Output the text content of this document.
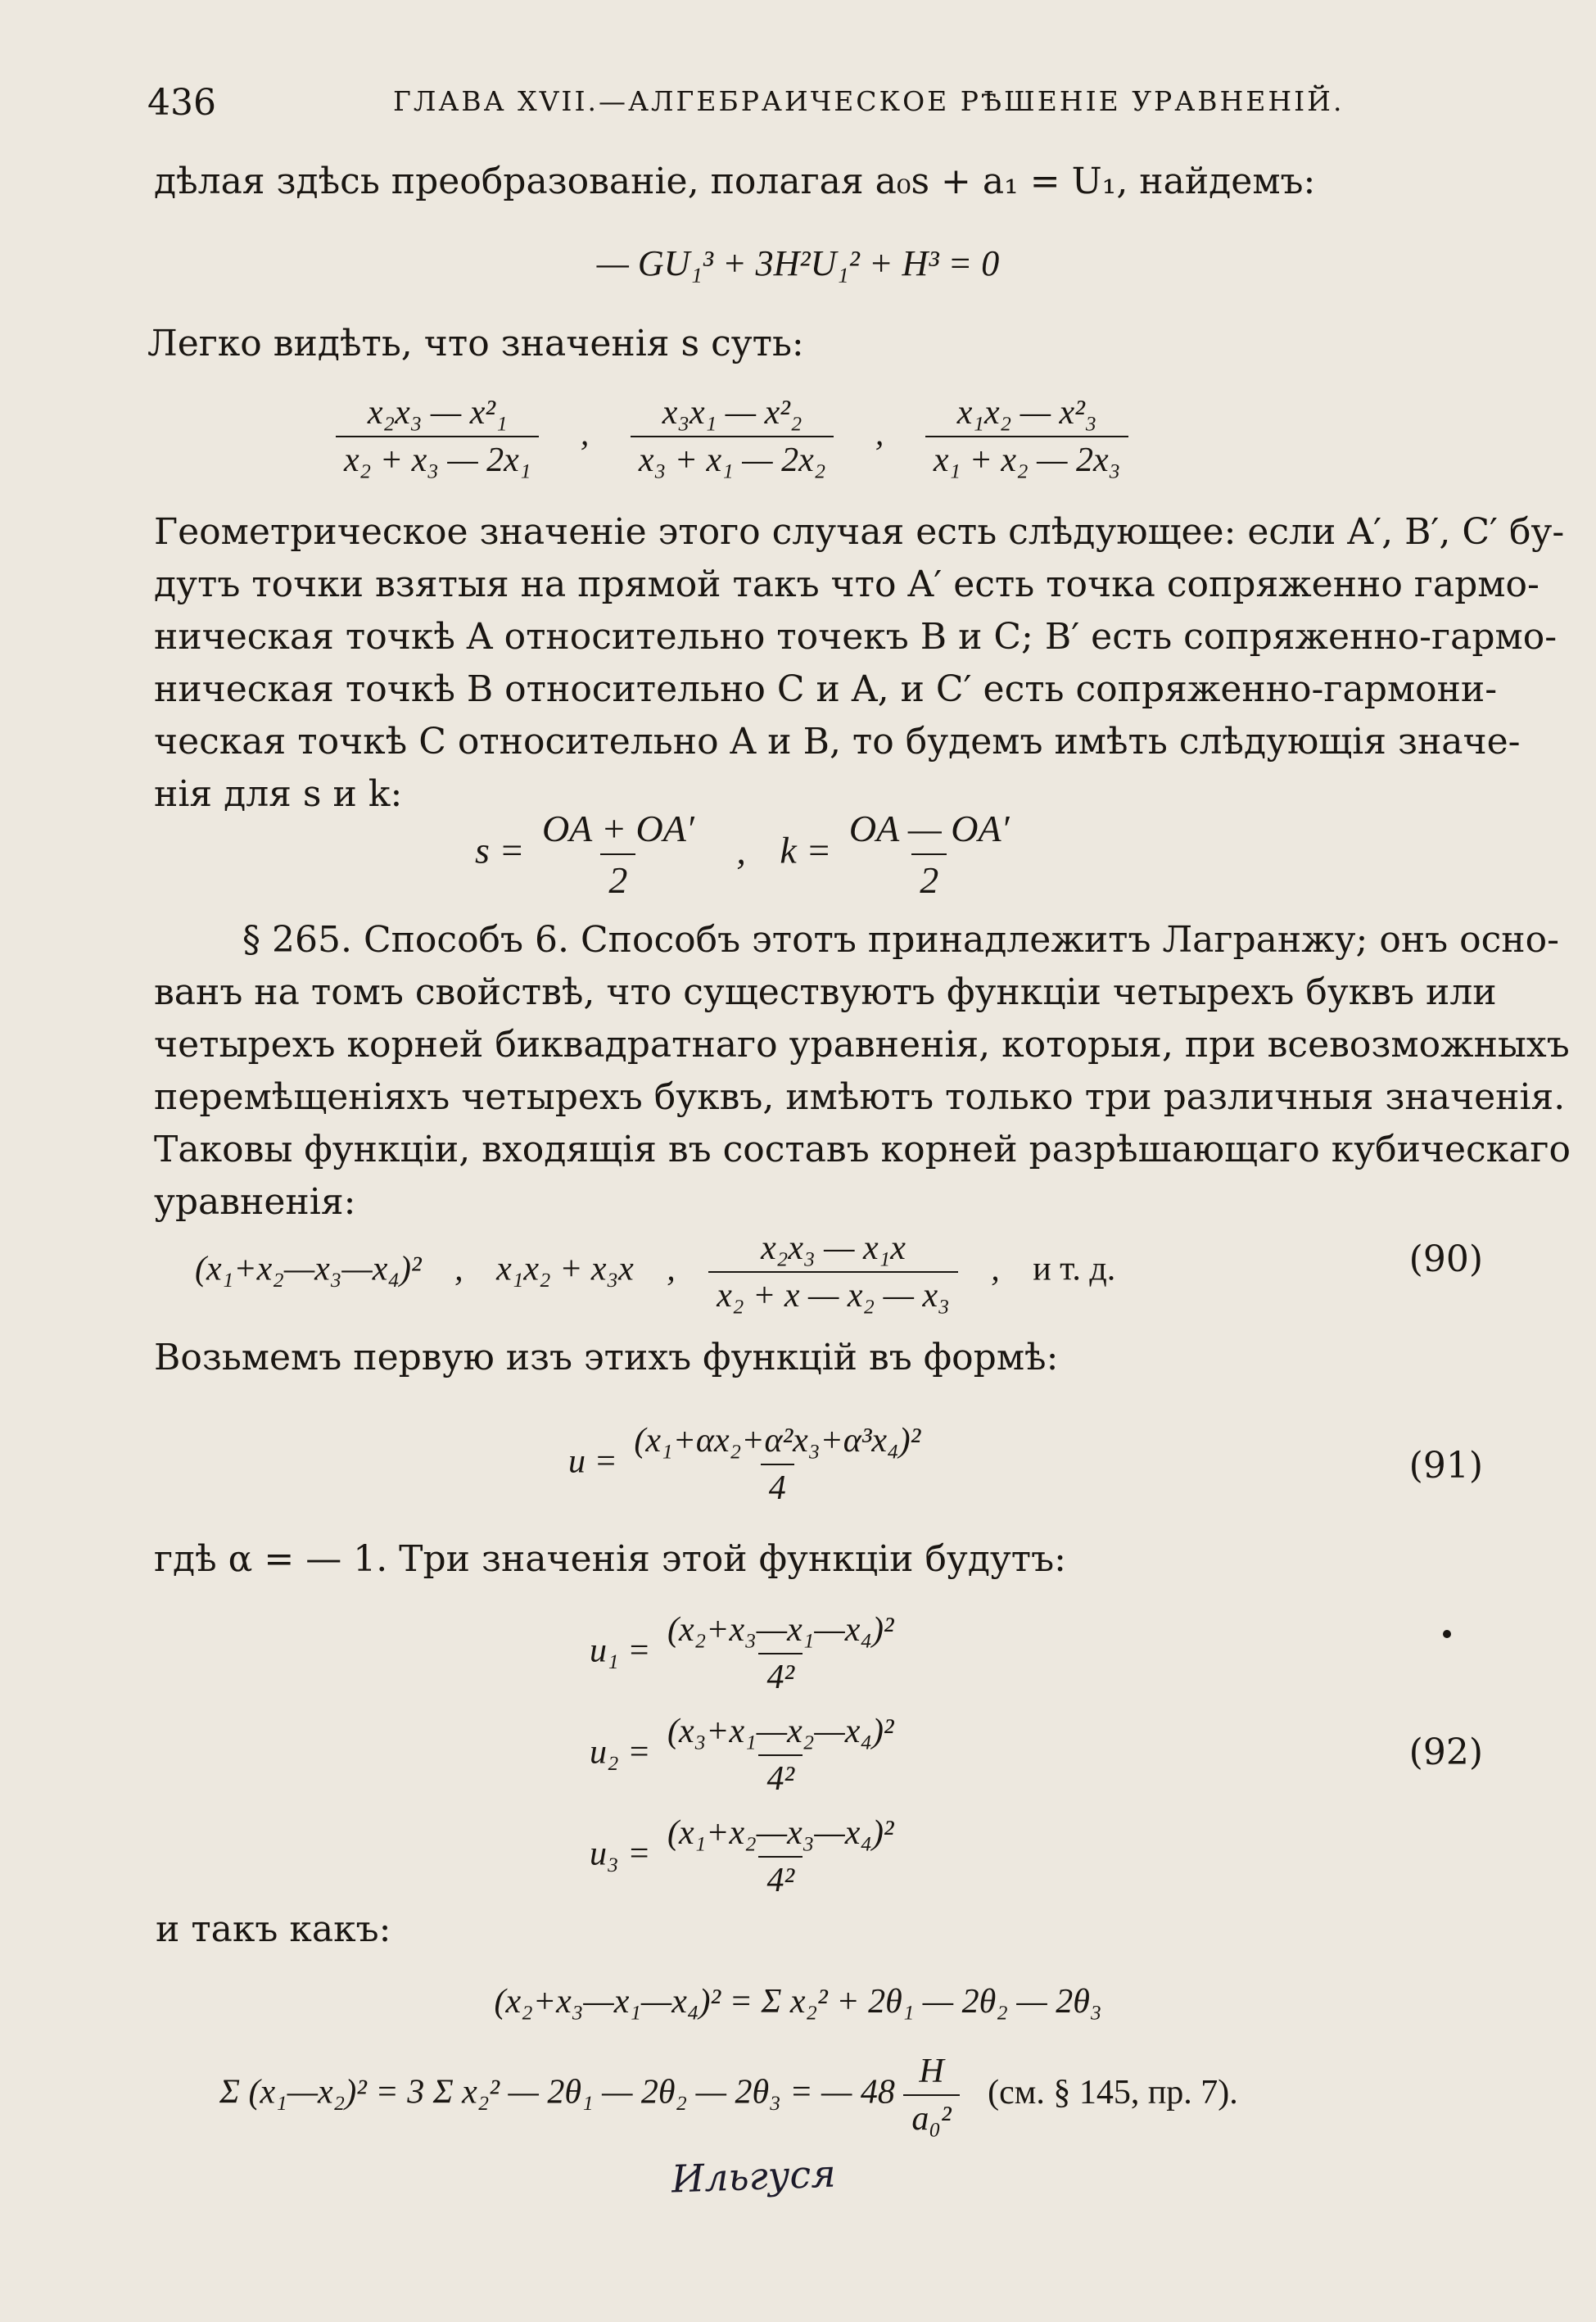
436	ГЛАВА XVII.—АЛГЕБРАИЧЕСКОЕ РѢШЕНІЕ УРАВНЕНІЙ.
дѣлая здѣсь преобразованіе, полагая a₀s + a₁ = U₁, найдемъ:
— GU₁³ + 3H²U₁² + H³ = 0
Легко видѣть, что значенія s суть:
$\frac{\text{x₂x₃ — x²₁}}{\text{x₂ + x₃ — 2x₁}}$ , $\frac{\text{x₃x₁ — x²₂}}{\text{x₃ + x₁ — 2x₂}}$ , $\frac{\text{x₁x₂ — x²₃}}{\text{x₁ + x₂ — 2x₃}}$
Геометрическое значеніе этого случая есть слѣдующее: если A′, B′, C′ бу-
дутъ точки взятыя на прямой такъ что A′ есть точка сопряженно гармо-
ническая точкѣ A относительно точекъ B и C; B′ есть сопряженно-гармо-
ническая точкѣ B относительно C и A, и C′ есть сопряженно-гармони-
ческая точкѣ C относительно A и B, то будемъ имѣть слѣдующія значе-
нія для s и k:
$s = \frac{OA + OA'}{2}$ , $k = \frac{OA — OA'}{2}$
§ 265. Способъ 6. Способъ этотъ принадлежитъ Лагранжу; онъ осно-
ванъ на томъ свойствѣ, что существуютъ функціи четырехъ буквъ или
четырехъ корней биквадратнаго уравненія, которыя, при всевозможныхъ
перемѣщеніяхъ четырехъ буквъ, имѣютъ только три различныя значенія.
Таковы функціи, входящія въ составъ корней разрѣшающаго кубическаго
уравненія:
(x₁+x₂—x₃—x₄)² , x₁x₂ + x₃x , $\frac{\text{x₂x₃ — x₁x}}{\text{x₂ + x — x₂ — x₃}}$ , и т. д.	(90)
Возьмемъ первую изъ этихъ функцій въ формѣ:
$u = \frac{\text{(x₁+αx₂+α²x₃+α³x₄)²}}{4}$	(91)
гдѣ α = — 1. Три значенія этой функціи будутъ:
$u_1 = \frac{\text{(x₂+x₃—x₁—x₄)²}}{\text{4²}}$
$u_2 = \frac{\text{(x₃+x₁—x₂—x₄)²}}{\text{4²}}$
$u_3 = \frac{\text{(x₁+x₂—x₃—x₄)²}}{\text{4²}}$
(92)
и такъ какъ:
(x₂+x₃—x₁—x₄)² = Σ x₂² + 2θ₁ — 2θ₂ — 2θ₃
Σ (x₁—x₂)² = 3 Σ x₂² — 2θ₁ — 2θ₂ — 2θ₃ = — $48 \frac{H}{\text{a₀²}} (см$. § 145, пр. 7).
Ильгуся
